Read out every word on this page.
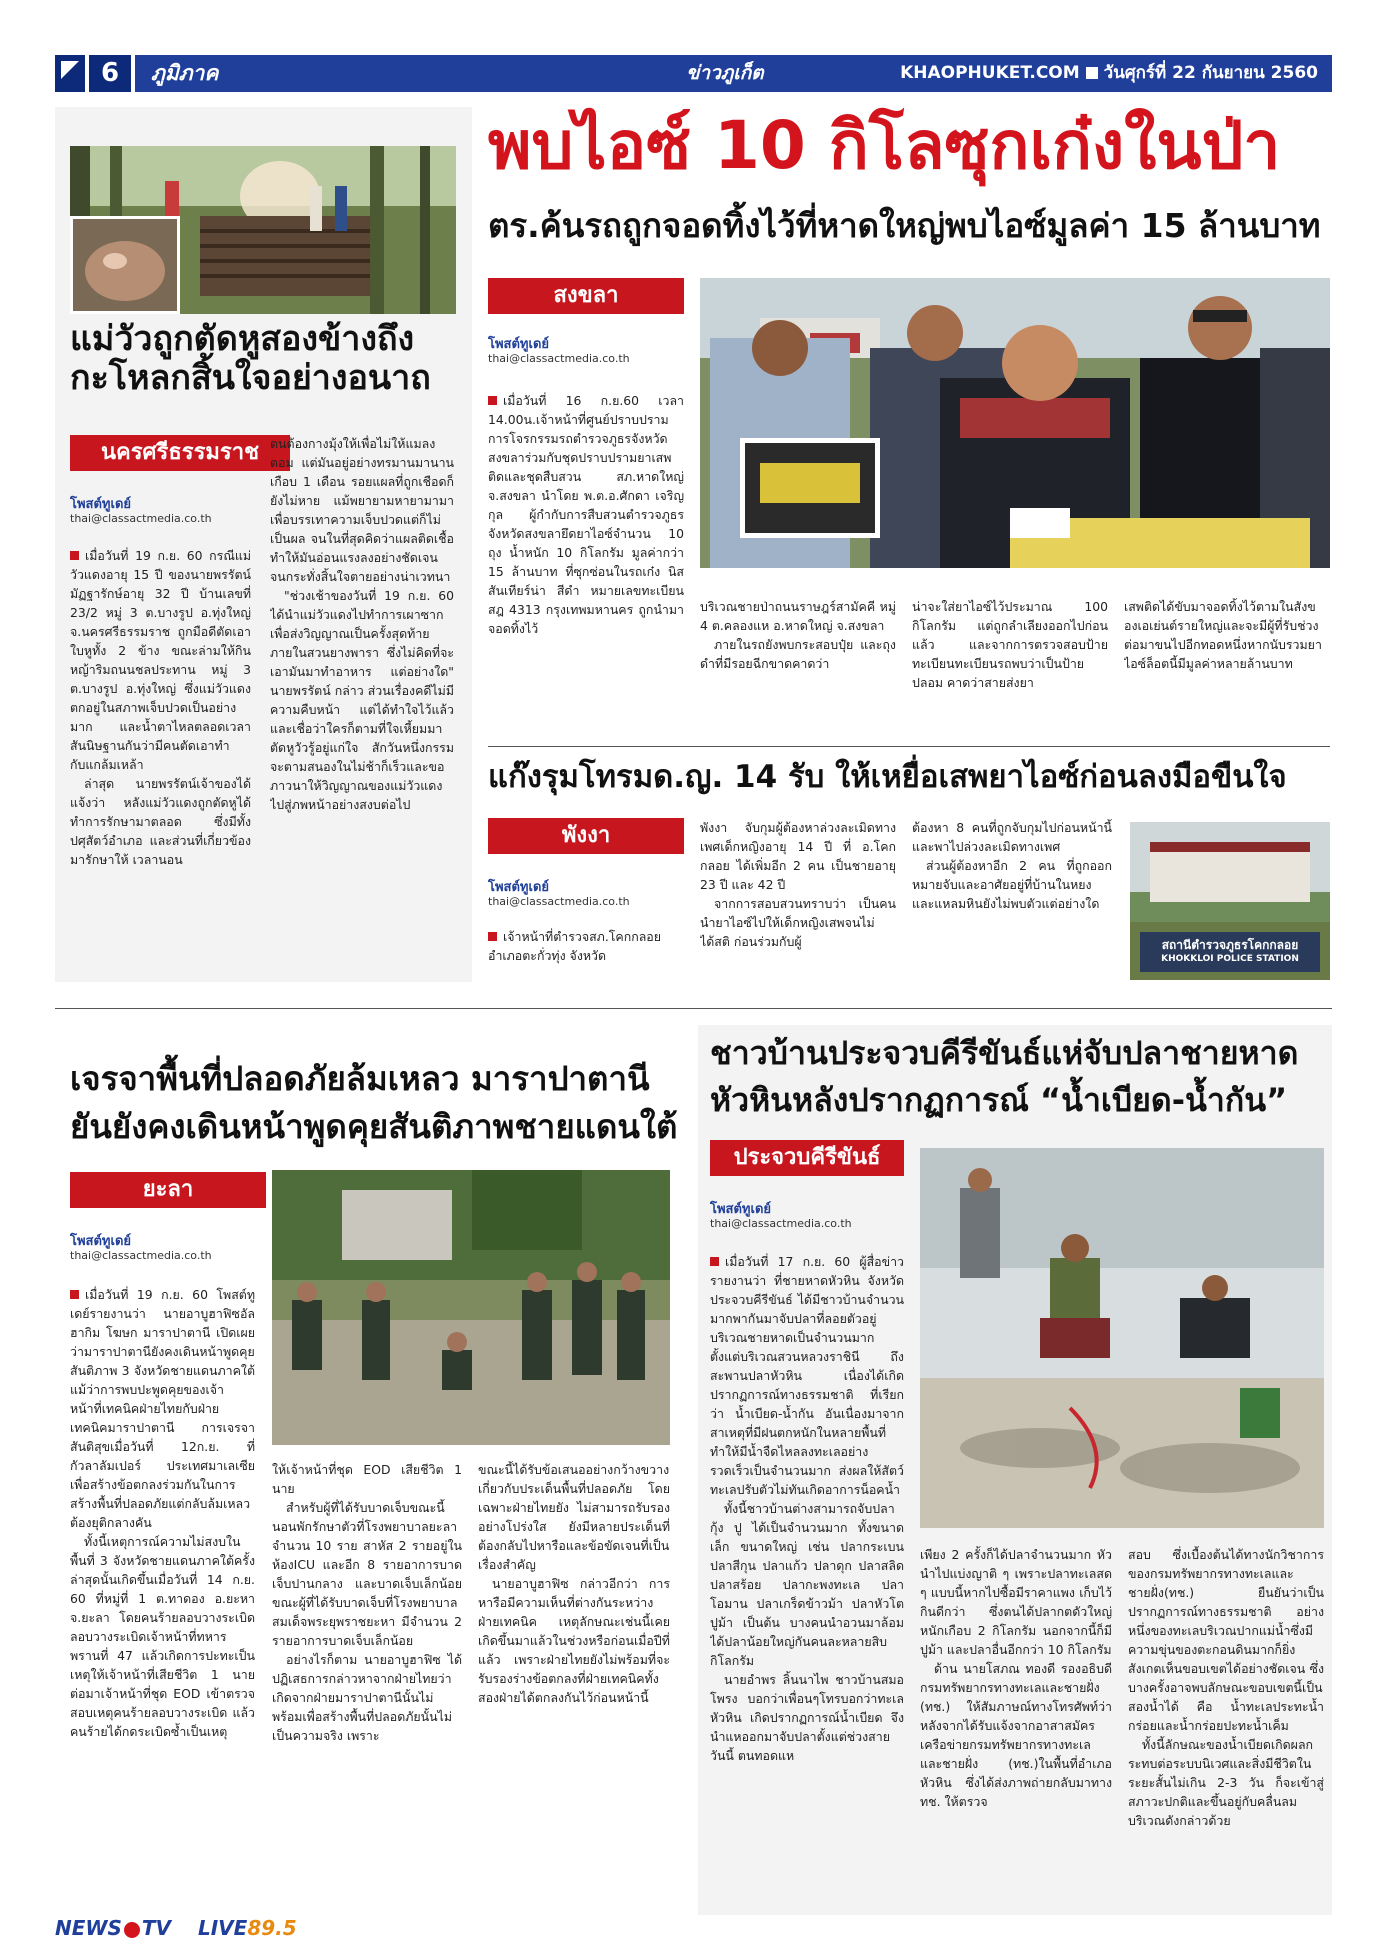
6	ภูมิภาค	ข่าวภูเก็ต	KHAOPHUKET.COM วันศุกร์ที่ 22 กันยายน 2560
แม่วัวถูกตัดหูสองข้างถึงกะโหลกสิ้นใจอย่างอนาถ
นครศรีธรรมราช
โพสต์ทูเดย์
thai@classactmedia.co.th

เมื่อวันที่ 19 ก.ย. 60 กรณีแม่วัวแดงอายุ 15 ปี ของนายพรรัตน์ มัฏฐารักษ์อายุ 32 ปี บ้านเลขที่ 23/2 หมู่ 3 ต.บางรูป อ.ทุ่งใหญ่ จ.นครศรีธรรมราช ถูกมือดีตัดเอาใบหูทั้ง 2 ข้าง ขณะล่ามให้กินหญ้าริมถนนชลประทาน หมู่ 3 ต.บางรูป อ.ทุ่งใหญ่ ซึ่งแม่วัวแดงตกอยู่ในสภาพเจ็บปวดเป็นอย่างมาก และน้ำตาไหลตลอดเวลาสันนิษฐานกันว่ามีคนตัดเอาทำกับแกล้มเหล้า

ล่าสุด นายพรรัตน์เจ้าของได้แจ้งว่า หลังแม่วัวแดงถูกตัดหูได้ทำการรักษามาตลอด ซึ่งมีทั้งปศุสัตว์อำเภอ และส่วนที่เกี่ยวข้องมารักษาให้ เวลานอน

ตนต้องกางมุ้งให้เพื่อไม่ให้แมลงตอม แต่มันอยู่อย่างทรมานมานานเกือบ 1 เดือน รอยแผลที่ถูกเชือดก็ยังไม่หาย แม้พยายามหายามามาเพื่อบรรเทาความเจ็บปวดแต่ก็ไม่เป็นผล จนในที่สุดคิดว่าแผลติดเชื้อทำให้มันอ่อนแรงลงอย่างชัดเจน จนกระทั่งสิ้นใจตายอย่างน่าเวทนา

"ช่วงเช้าของวันที่ 19 ก.ย. 60 ได้นำแม่วัวแดงไปทำการเผาซากเพื่อส่งวิญญาณเป็นครั้งสุดท้ายภายในสวนยางพารา ซึ่งไม่คิดที่จะเอามันมาทำอาหาร แต่อย่างใด" นายพรรัตน์ กล่าว ส่วนเรื่องคดีไม่มีความคืบหน้า แต่ได้ทำใจไว้แล้ว และเชื่อว่าใครก็ตามที่ใจเหี้ยมมาตัดหูวัวรู้อยู่แก่ใจ สักวันหนึ่งกรรมจะตามสนองในไม่ช้าก็เร็วและขอภาวนาให้วิญญาณของแม่วัวแดงไปสู่ภพหน้าอย่างสงบต่อไป

พบไอซ์ 10 กิโลซุกเก๋งในป่า
ตร.ค้นรถถูกจอดทิ้งไว้ที่หาดใหญ่พบไอซ์มูลค่า 15 ล้านบาท
สงขลา
โพสต์ทูเดย์
thai@classactmedia.co.th

เมื่อวันที่ 16 ก.ย.60 เวลา 14.00น.เจ้าหน้าที่ศูนย์ปราบปรามการโจรกรรมรถตำรวจภูธรจังหวัดสงขลาร่วมกับชุดปราบปรามยาเสพติดและชุดสืบสวน สภ.หาดใหญ่ จ.สงขลา นำโดย พ.ต.อ.ศักดา เจริญกุล ผู้กำกับการสืบสวนตำรวจภูธรจังหวัดสงขลายึดยาไอซ์จำนวน 10 ถุง น้ำหนัก 10 กิโลกรัม มูลค่ากว่า 15 ล้านบาท ที่ซุกซ่อนในรถเก๋ง นิสสันเทียร์น่า สีดำ หมายเลขทะเบียน สฎ 4313 กรุงเทพมหานคร ถูกนำมาจอดทิ้งไว้

บริเวณชายป่าถนนราษฎร์สามัคคี หมู่ 4 ต.คลองแห อ.หาดใหญ่ จ.สงขลา

ภายในรถยังพบกระสอบปุ๋ย และถุงดำที่มีรอยฉีกขาดคาดว่า

น่าจะใส่ยาไอซ์ไว้ประมาณ 100 กิโลกรัม แต่ถูกลำเลียงออกไปก่อนแล้ว และจากการตรวจสอบป้ายทะเบียนทะเบียนรถพบว่าเป็นป้ายปลอม คาดว่าสายส่งยา

เสพติดได้ขับมาจอดทิ้งไว้ตามในสังของเอเย่นต์รายใหญ่และจะมีผู้ที่รับช่วงต่อมาขนไปอีกทอดหนึ่งหากนับรวมยาไอซ์ล็อตนี้มีมูลค่าหลายล้านบาท

แก๊งรุมโทรมด.ญ. 14 รับ ให้เหยื่อเสพยาไอซ์ก่อนลงมือขืนใจ
พังงา
โพสต์ทูเดย์
thai@classactmedia.co.th

เจ้าหน้าที่ตำรวจสภ.โคกกลอย อำเภอตะกั่วทุ่ง จังหวัด

พังงา จับกุมผู้ต้องหาล่วงละเมิดทางเพศเด็กหญิงอายุ 14 ปี ที่ อ.โคกกลอย ได้เพิ่มอีก 2 คน เป็นชายอายุ 23 ปี และ 42 ปี

จากการสอบสวนทราบว่า เป็นคนนำยาไอซ์ไปให้เด็กหญิงเสพจนไม่ได้สติ ก่อนร่วมกับผู้

ต้องหา 8 คนที่ถูกจับกุมไปก่อนหน้านี้และพาไปล่วงละเมิดทางเพศ

ส่วนผู้ต้องหาอีก 2 คน ที่ถูกออกหมายจับและอาศัยอยู่ที่บ้านในหยงและแหลมหินยังไม่พบตัวแต่อย่างใด

สถานีตำรวจภูธรโคกกลอย
KHOKKLOI POLICE STATION
เจรจาพื้นที่ปลอดภัยล้มเหลว มาราปาตานี
ยันยังคงเดินหน้าพูดคุยสันติภาพชายแดนใต้
ยะลา
โพสต์ทูเดย์
thai@classactmedia.co.th

เมื่อวันที่ 19 ก.ย. 60 โพสต์ทูเดย์รายงานว่า นายอาบูฮาฟิซอัลฮากิม โฆษก มาราปาตานี เปิดเผยว่ามาราปาตานียังคงเดินหน้าพูดคุยสันติภาพ 3 จังหวัดชายแดนภาคใต้ แม้ว่าการพบปะพูดคุยของเจ้าหน้าที่เทคนิคฝ่ายไทยกับฝ่ายเทคนิคมาราปาตานี การเจรจาสันติสุขเมื่อวันที่ 12ก.ย. ที่กัวลาลัมเปอร์ ประเทศมาเลเซีย เพื่อสร้างข้อตกลงร่วมกันในการสร้างพื้นที่ปลอดภัยแต่กลับล้มเหลวต้องยุติกลางคัน

ทั้งนี้เหตุการณ์ความไม่สงบในพื้นที่ 3 จังหวัดชายแดนภาคใต้ครั้งล่าสุดนั้นเกิดขึ้นเมื่อวันที่ 14 ก.ย. 60 ที่หมู่ที่ 1 ต.ทาดอง อ.ยะหา จ.ยะลา โดยคนร้ายลอบวางระเบิดลอบวางระเบิดเจ้าหน้าที่ทหารพรานที่ 47 แล้วเกิดการปะทะเป็นเหตุให้เจ้าหน้าที่เสียชีวิต 1 นาย ต่อมาเจ้าหน้าที่ชุด EOD เข้าตรวจสอบเหตุคนร้ายลอบวางระเบิด แล้วคนร้ายได้กดระเบิดซ้ำเป็นเหตุ

ให้เจ้าหน้าที่ชุด EOD เสียชีวิต 1 นาย

สำหรับผู้ที่ได้รับบาดเจ็บขณะนี้ นอนพักรักษาตัวที่โรงพยาบาลยะลา จำนวน 10 ราย สาหัส 2 รายอยู่ในห้องICU และอีก 8 รายอาการบาดเจ็บปานกลาง และบาดเจ็บเล็กน้อย ขณะผู้ที่ได้รับบาดเจ็บที่โรงพยาบาลสมเด็จพระยุพราชยะหา มีจำนวน 2 รายอาการบาดเจ็บเล็กน้อย

อย่างไรก็ตาม นายอาบูฮาฟิซ ได้ปฏิเสธการกล่าวหาจากฝ่ายไทยว่าเกิดจากฝ่ายมาราปาตานีนั้นไม่พร้อมเพื่อสร้างพื้นที่ปลอดภัยนั้นไม่เป็นความจริง เพราะ

ขณะนี้ได้รับข้อเสนออย่างกว้างขวางเกี่ยวกับประเด็นพื้นที่ปลอดภัย โดยเฉพาะฝ่ายไทยยัง ไม่สามารถรับรองอย่างโปร่งใส ยังมีหลายประเด็นที่ต้องกลับไปหารือและข้อขัดเจนที่เป็นเรื่องสำคัญ

นายอาบูฮาฟิซ กล่าวอีกว่า การหารือมีความเห็นที่ต่างกันระหว่างฝ่ายเทคนิค เหตุลักษณะเช่นนี้เคยเกิดขึ้นมาแล้วในช่วงหรือก่อนเมื่อปีที่แล้ว เพราะฝ่ายไทยยังไม่พร้อมที่จะรับรองร่างข้อตกลงที่ฝ่ายเทคนิคทั้งสองฝ่ายได้ตกลงกันไว้ก่อนหน้านี้

ชาวบ้านประจวบคีรีขันธ์แห่จับปลาชายหาด
หัวหินหลังปรากฏการณ์ “น้ำเบียด-น้ำกัน”
ประจวบคีรีขันธ์
โพสต์ทูเดย์
thai@classactmedia.co.th

เมื่อวันที่ 17 ก.ย. 60 ผู้สื่อข่าวรายงานว่า ที่ชายหาดหัวหิน จังหวัดประจวบคีรีขันธ์ ได้มีชาวบ้านจำนวนมากพากันมาจับปลาที่ลอยตัวอยู่บริเวณชายหาดเป็นจำนวนมาก ตั้งแต่บริเวณสวนหลวงราชินี ถึงสะพานปลาหัวหิน เนื่องได้เกิดปรากฏการณ์ทางธรรมชาติ ที่เรียกว่า น้ำเบียด-น้ำกัน อันเนื่องมาจากสาเหตุที่มีฝนตกหนักในหลายพื้นที่ทำให้มีน้ำจืดไหลลงทะเลอย่างรวดเร็วเป็นจำนวนมาก ส่งผลให้สัตว์ทะเลปรับตัวไม่ทันเกิดอาการน็อคน้ำ

ทั้งนี้ชาวบ้านต่างสามารถจับปลา กุ้ง ปู ได้เป็นจำนวนมาก ทั้งขนาดเล็ก ขนาดใหญ่ เช่น ปลากระเบน ปลาสีกุน ปลาแก้ว ปลาดุก ปลาสลิด ปลาสร้อย ปลากะพงทะเล ปลาโอมาน ปลาเกร็ดข้าวม้า ปลาหัวโต ปูม้า เป็นต้น บางคนนำอวนมาล้อมได้ปลาน้อยใหญ่กันคนละหลายสิบกิโลกรัม

นายอำพร ลิ้นนาไพ ชาวบ้านสมอโพรง บอกว่าเพื่อนๆโทรบอกว่าทะเลหัวหิน เกิดปรากฏการณ์น้ำเบียด จึงนำแหออกมาจับปลาตั้งแต่ช่วงสายวันนี้ ตนทอดแห

เพียง 2 ครั้งก็ได้ปลาจำนวนมาก หัวนำไปแบ่งญาติ ๆ เพราะปลาทะเลสด ๆ แบบนี้หากไปซื้อมีราคาแพง เก็บไว้กินดีกว่า ซึ่งตนได้ปลากตดัวใหญ่หนักเกือบ 2 กิโลกรัม นอกจากนี้ก็มีปูม้า และปลาอื่นอีกกว่า 10 กิโลกรัม

ด้าน นายโสภณ ทองดี รองอธิบดีกรมทรัพยากรทางทะเลและชายฝั่ง (ทช.) ให้สัมภาษณ์ทางโทรศัพท์ว่า หลังจากได้รับแจ้งจากอาสาสมัครเครือข่ายกรมทรัพยากรทางทะเลและชายฝั่ง (ทช.)ในพื้นที่อำเภอหัวหิน ซึ่งได้ส่งภาพถ่ายกลับมาทาง ทช. ให้ตรวจ

สอบ ซึ่งเบื้องต้นได้ทางนักวิชาการของกรมทรัพยากรทางทะเลและชายฝั่ง(ทช.) ยืนยันว่าเป็นปรากฏการณ์ทางธรรมชาติ อย่างหนึ่งของทะเลบริเวณปากแม่น้ำซึ่งมีความขุ่นของตะกอนดินมากก็ยิ่งสังเกตเห็นขอบเขตได้อย่างชัดเจน ซึ่งบางครั้งอาจพบลักษณะขอบเขตนี้เป็นสองน้ำได้ คือ น้ำทะเลประทะน้ำกร่อยและน้ำกร่อยปะทะน้ำเค็ม

ทั้งนี้ลักษณะของน้ำเบียดเกิดผลกระทบต่อระบบนิเวศและสิ่งมีชีวิตในระยะสั้นไม่เกิน 2-3 วัน ก็จะเข้าสู่สภาวะปกติและขึ้นอยู่กับคลื่นลมบริเวณดังกล่าวด้วย

NEWS TV LIVE89.5
